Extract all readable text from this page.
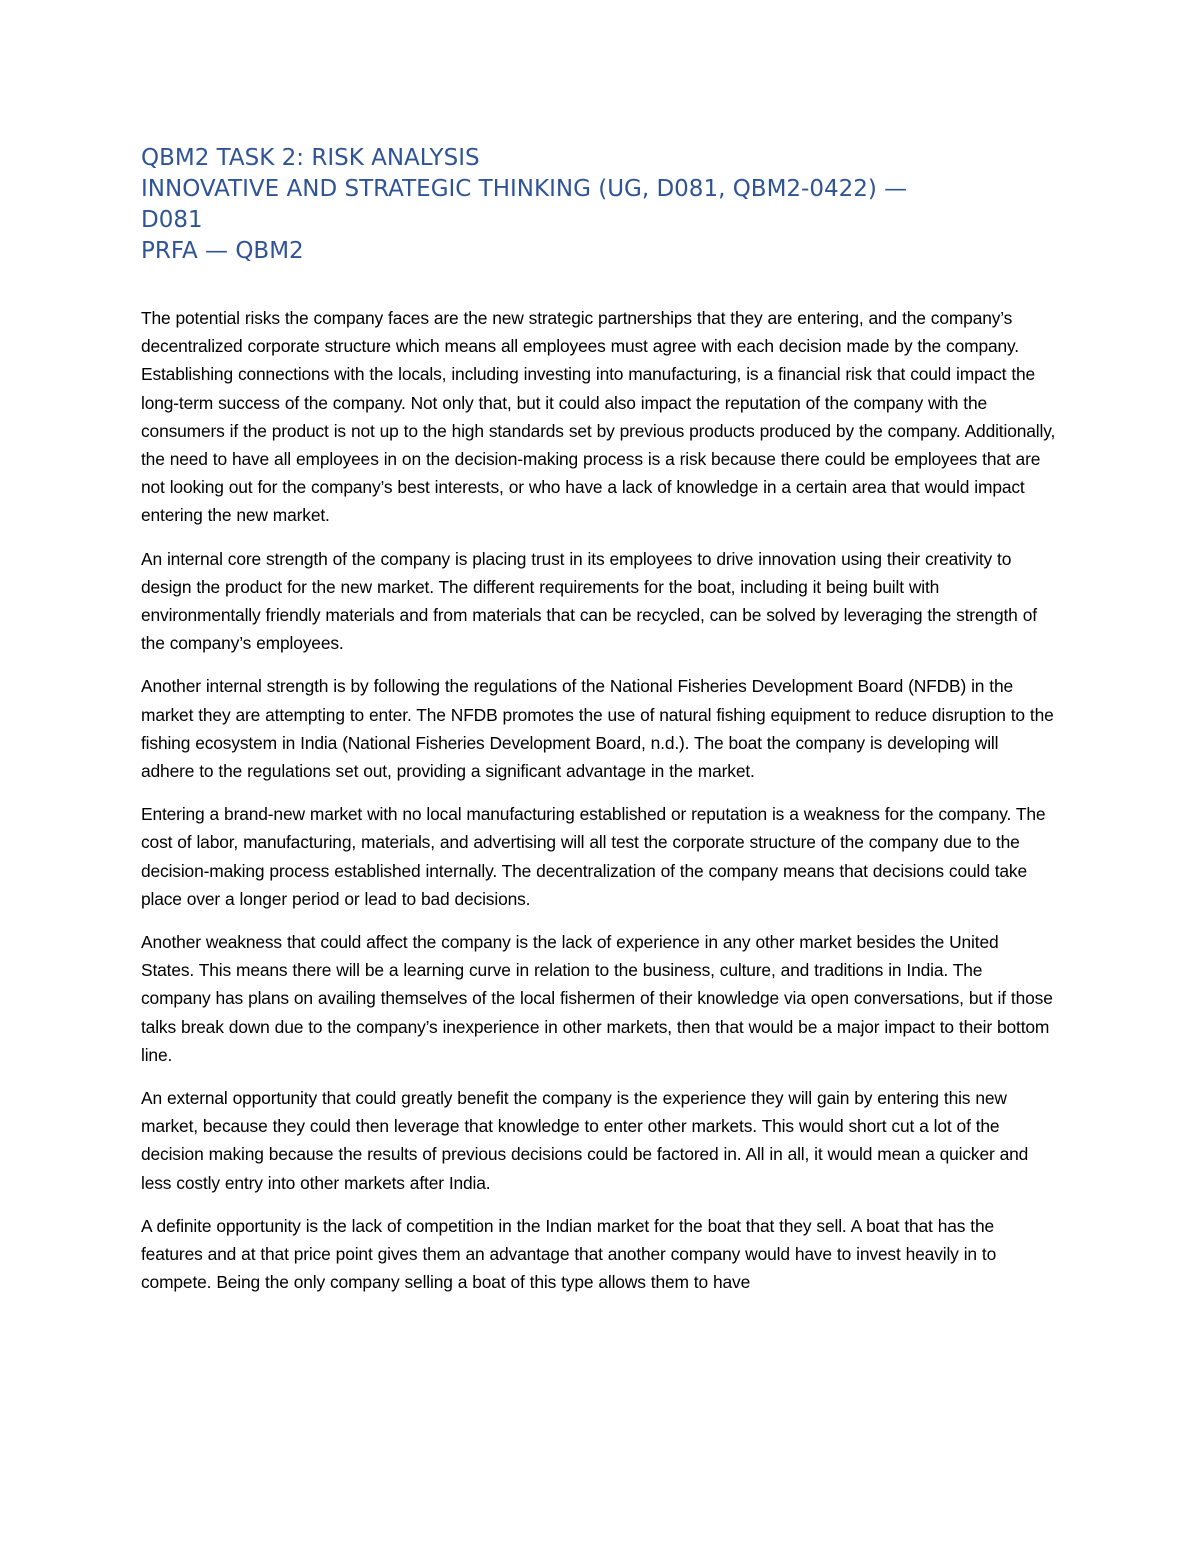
QBM2 TASK 2: RISK ANALYSIS
INNOVATIVE AND STRATEGIC THINKING (UG, D081, QBM2-0422) —
D081
PRFA — QBM2

The potential risks the company faces are the new strategic partnerships that they are entering, and the company’s decentralized corporate structure which means all employees must agree with each decision made by the company. Establishing connections with the locals, including investing into manufacturing, is a financial risk that could impact the long-term success of the company. Not only that, but it could also impact the reputation of the company with the consumers if the product is not up to the high standards set by previous products produced by the company. Additionally, the need to have all employees in on the decision-making process is a risk because there could be employees that are not looking out for the company’s best interests, or who have a lack of knowledge in a certain area that would impact entering the new market.

An internal core strength of the company is placing trust in its employees to drive innovation using their creativity to design the product for the new market. The different requirements for the boat, including it being built with environmentally friendly materials and from materials that can be recycled, can be solved by leveraging the strength of the company’s employees.

Another internal strength is by following the regulations of the National Fisheries Development Board (NFDB) in the market they are attempting to enter. The NFDB promotes the use of natural fishing equipment to reduce disruption to the fishing ecosystem in India (National Fisheries Development Board, n.d.). The boat the company is developing will adhere to the regulations set out, providing a significant advantage in the market.

Entering a brand-new market with no local manufacturing established or reputation is a weakness for the company. The cost of labor, manufacturing, materials, and advertising will all test the corporate structure of the company due to the decision-making process established internally. The decentralization of the company means that decisions could take place over a longer period or lead to bad decisions.

Another weakness that could affect the company is the lack of experience in any other market besides the United States. This means there will be a learning curve in relation to the business, culture, and traditions in India. The company has plans on availing themselves of the local fishermen of their knowledge via open conversations, but if those talks break down due to the company’s inexperience in other markets, then that would be a major impact to their bottom line.

An external opportunity that could greatly benefit the company is the experience they will gain by entering this new market, because they could then leverage that knowledge to enter other markets. This would short cut a lot of the decision making because the results of previous decisions could be factored in. All in all, it would mean a quicker and less costly entry into other markets after India.

A definite opportunity is the lack of competition in the Indian market for the boat that they sell. A boat that has the features and at that price point gives them an advantage that another company would have to invest heavily in to compete. Being the only company selling a boat of this type allows them to have
